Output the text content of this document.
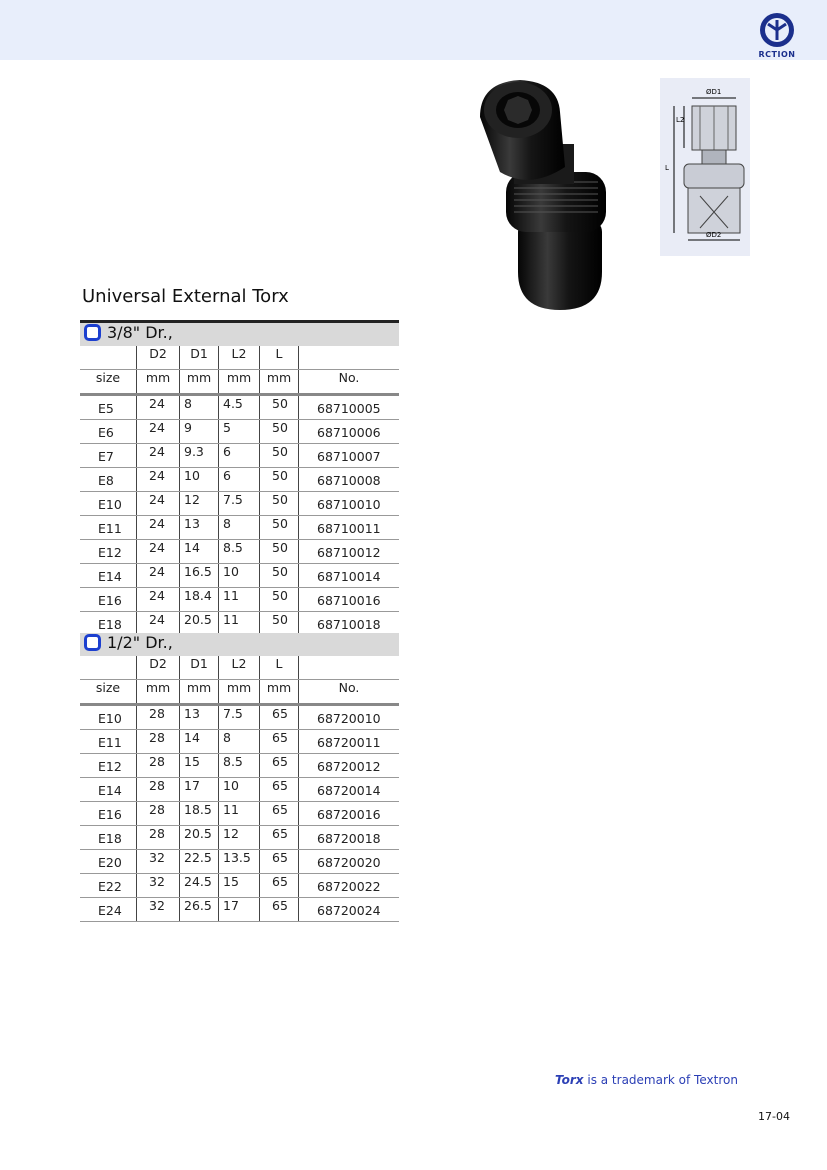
RCTION
ØD1
L2
L
ØD2
Universal External Torx
3/8" Dr.,					

	D2	D1	L2	L	
size	mm	mm	mm	mm	No.
E5	24	8	4.5	50	68710005
E6	24	9	5	50	68710006
E7	24	9.3	6	50	68710007
E8	24	10	6	50	68710008
E10	24	12	7.5	50	68710010
E11	24	13	8	50	68710011
E12	24	14	8.5	50	68710012
E14	24	16.5	10	50	68710014
E16	24	18.4	11	50	68710016
E18	24	20.5	11	50	68710018
1/2" Dr.,					

	D2	D1	L2	L	
size	mm	mm	mm	mm	No.
E10	28	13	7.5	65	68720010
E11	28	14	8	65	68720011
E12	28	15	8.5	65	68720012
E14	28	17	10	65	68720014
E16	28	18.5	11	65	68720016
E18	28	20.5	12	65	68720018
E20	32	22.5	13.5	65	68720020
E22	32	24.5	15	65	68720022
E24	32	26.5	17	65	68720024
Torx is a trademark of Textron
17-04
